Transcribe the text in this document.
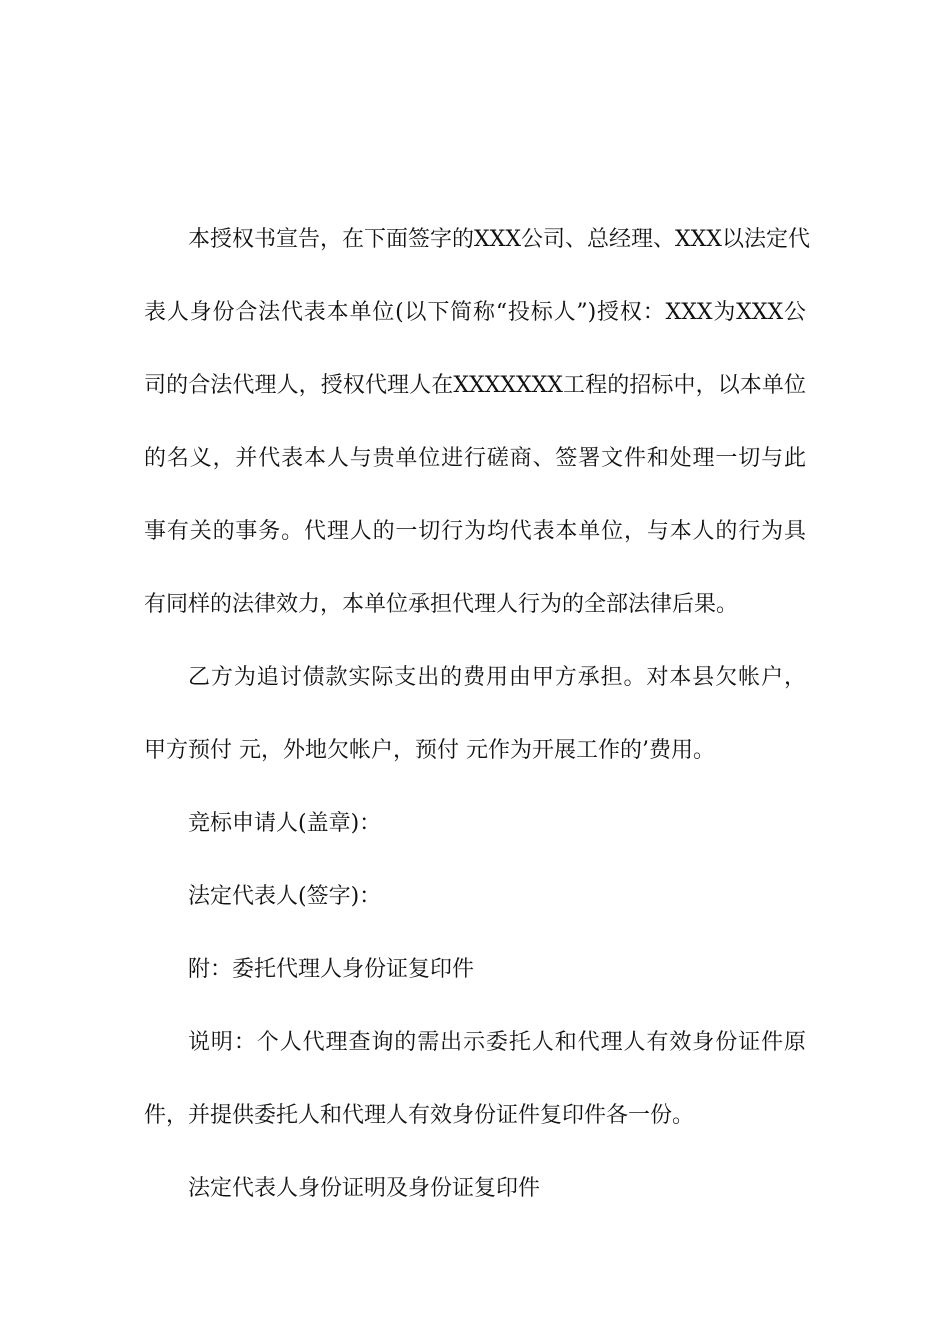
本授权书宣告，在下面签字的XXX公司、总经理、XXX以法定代
表人身份合法代表本单位(以下简称“投标人”)授权：XXX为XXX公
司的合法代理人，授权代理人在XXXXXXX工程的招标中，以本单位
的名义，并代表本人与贵单位进行磋商、签署文件和处理一切与此
事有关的事务。代理人的一切行为均代表本单位，与本人的行为具
有同样的法律效力，本单位承担代理人行为的全部法律后果。
乙方为追讨债款实际支出的费用由甲方承担。对本县欠帐户，
甲方预付 元，外地欠帐户，预付 元作为开展工作的’费用。
竞标申请人(盖章)：
法定代表人(签字)：
附：委托代理人身份证复印件
说明：个人代理查询的需出示委托人和代理人有效身份证件原
件，并提供委托人和代理人有效身份证件复印件各一份。
法定代表人身份证明及身份证复印件
